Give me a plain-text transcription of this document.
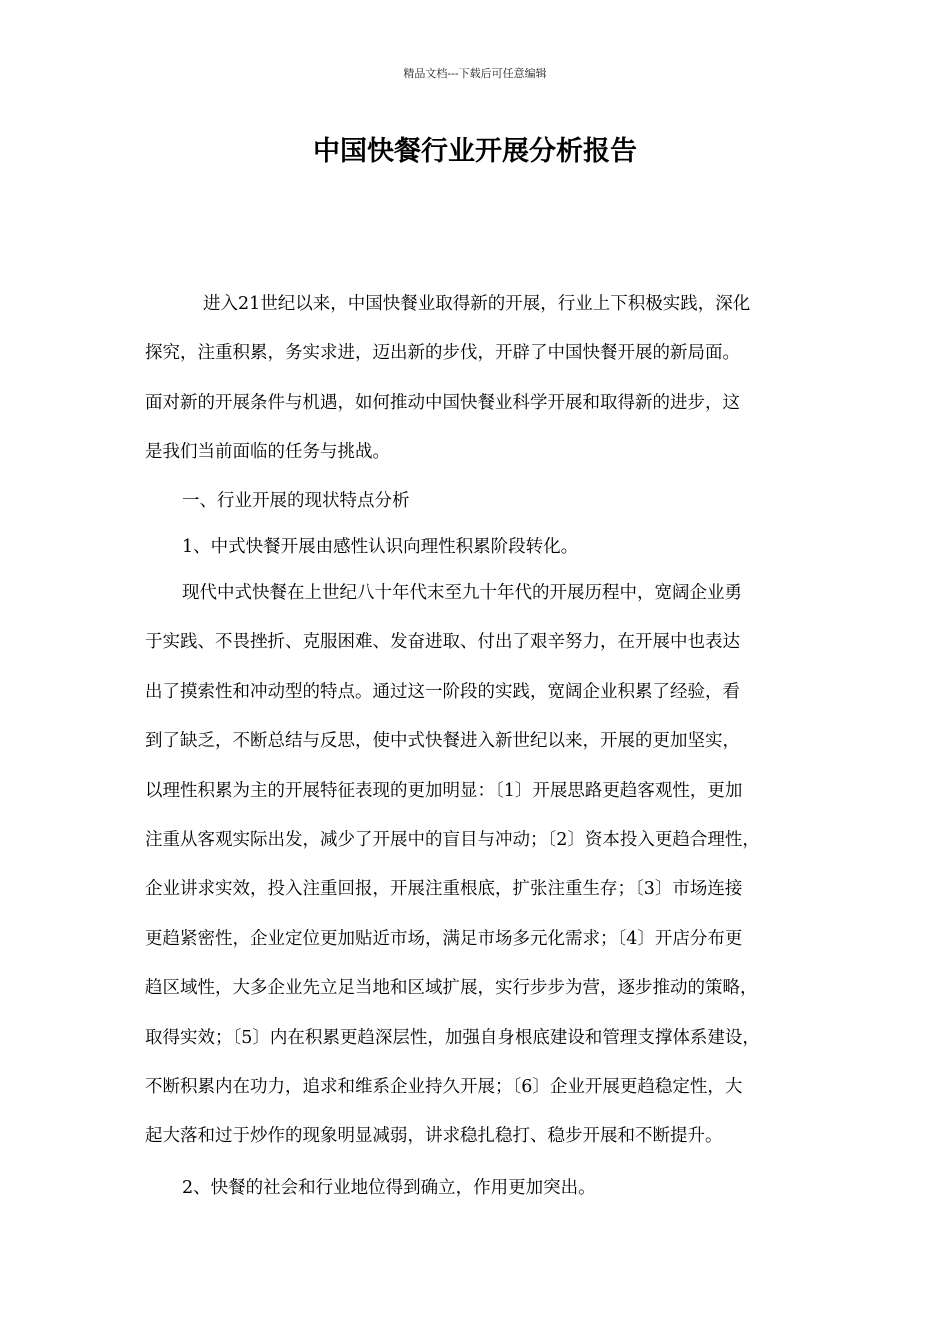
精品文档---下载后可任意编辑
中国快餐行业开展分析报告
进入21世纪以来，中国快餐业取得新的开展，行业上下积极实践，深化
探究，注重积累，务实求进，迈出新的步伐，开辟了中国快餐开展的新局面。
面对新的开展条件与机遇，如何推动中国快餐业科学开展和取得新的进步，这
是我们当前面临的任务与挑战。
一、行业开展的现状特点分析
1、中式快餐开展由感性认识向理性积累阶段转化。
现代中式快餐在上世纪八十年代末至九十年代的开展历程中，宽阔企业勇
于实践、不畏挫折、克服困难、发奋进取、付出了艰辛努力，在开展中也表达
出了摸索性和冲动型的特点。通过这一阶段的实践，宽阔企业积累了经验，看
到了缺乏，不断总结与反思，使中式快餐进入新世纪以来，开展的更加坚实，
以理性积累为主的开展特征表现的更加明显：〔1〕开展思路更趋客观性，更加
注重从客观实际出发，减少了开展中的盲目与冲动；〔2〕资本投入更趋合理性，
企业讲求实效，投入注重回报，开展注重根底，扩张注重生存；〔3〕市场连接
更趋紧密性，企业定位更加贴近市场，满足市场多元化需求；〔4〕开店分布更
趋区域性，大多企业先立足当地和区域扩展，实行步步为营，逐步推动的策略，
取得实效；〔5〕内在积累更趋深层性，加强自身根底建设和管理支撑体系建设，
不断积累内在功力，追求和维系企业持久开展；〔6〕企业开展更趋稳定性，大
起大落和过于炒作的现象明显减弱，讲求稳扎稳打、稳步开展和不断提升。
2、快餐的社会和行业地位得到确立，作用更加突出。
